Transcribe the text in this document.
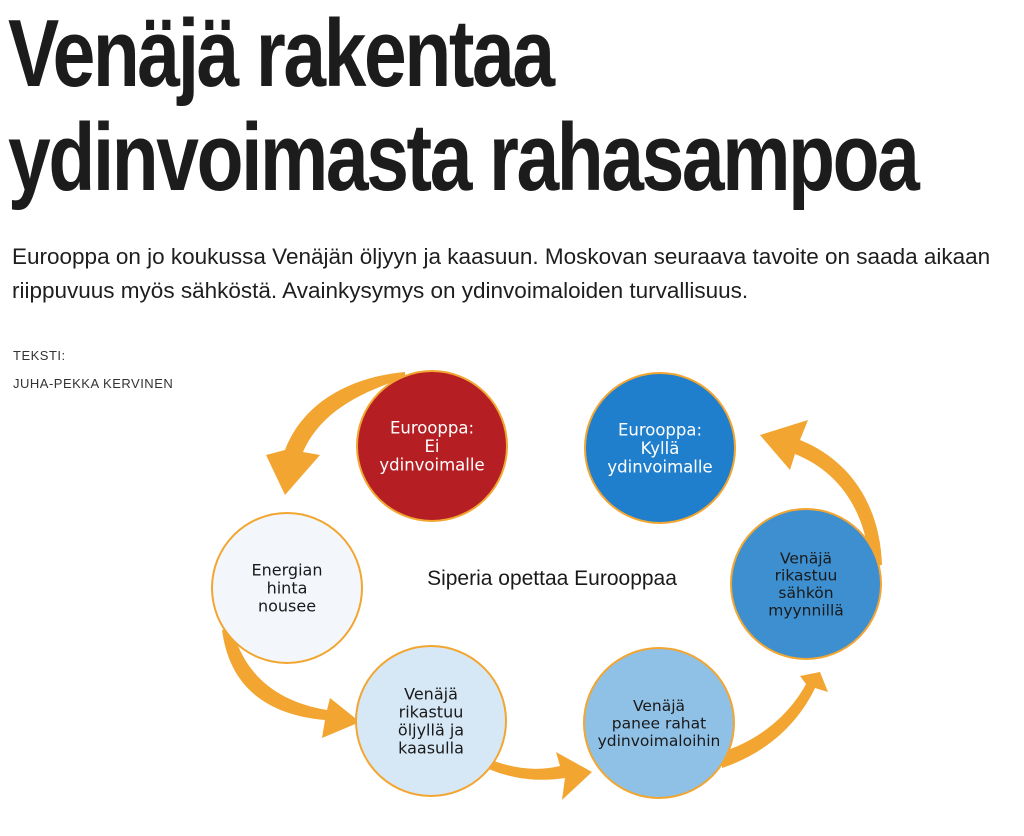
Venäjä rakentaa
ydinvoimasta rahasampoa

Eurooppa on jo koukussa Venäjän öljyyn ja kaasuun. Moskovan seuraava tavoite on saada aikaan riippuvuus myös sähköstä. Avainkysymys on ydinvoimaloiden turvallisuus.

TEKSTI:
JUHA-PEKKA KERVINEN
Siperia opettaa Eurooppaa
Eurooppa:
Ei
ydinvoimalle
Eurooppa:
Kyllä
ydinvoimalle
Energian
hinta
nousee
Venäjä
rikastuu
sähkön
myynnillä
Venäjä
rikastuu
öljyllä ja
kaasulla
Venäjä
panee rahat
ydinvoimaloihin
